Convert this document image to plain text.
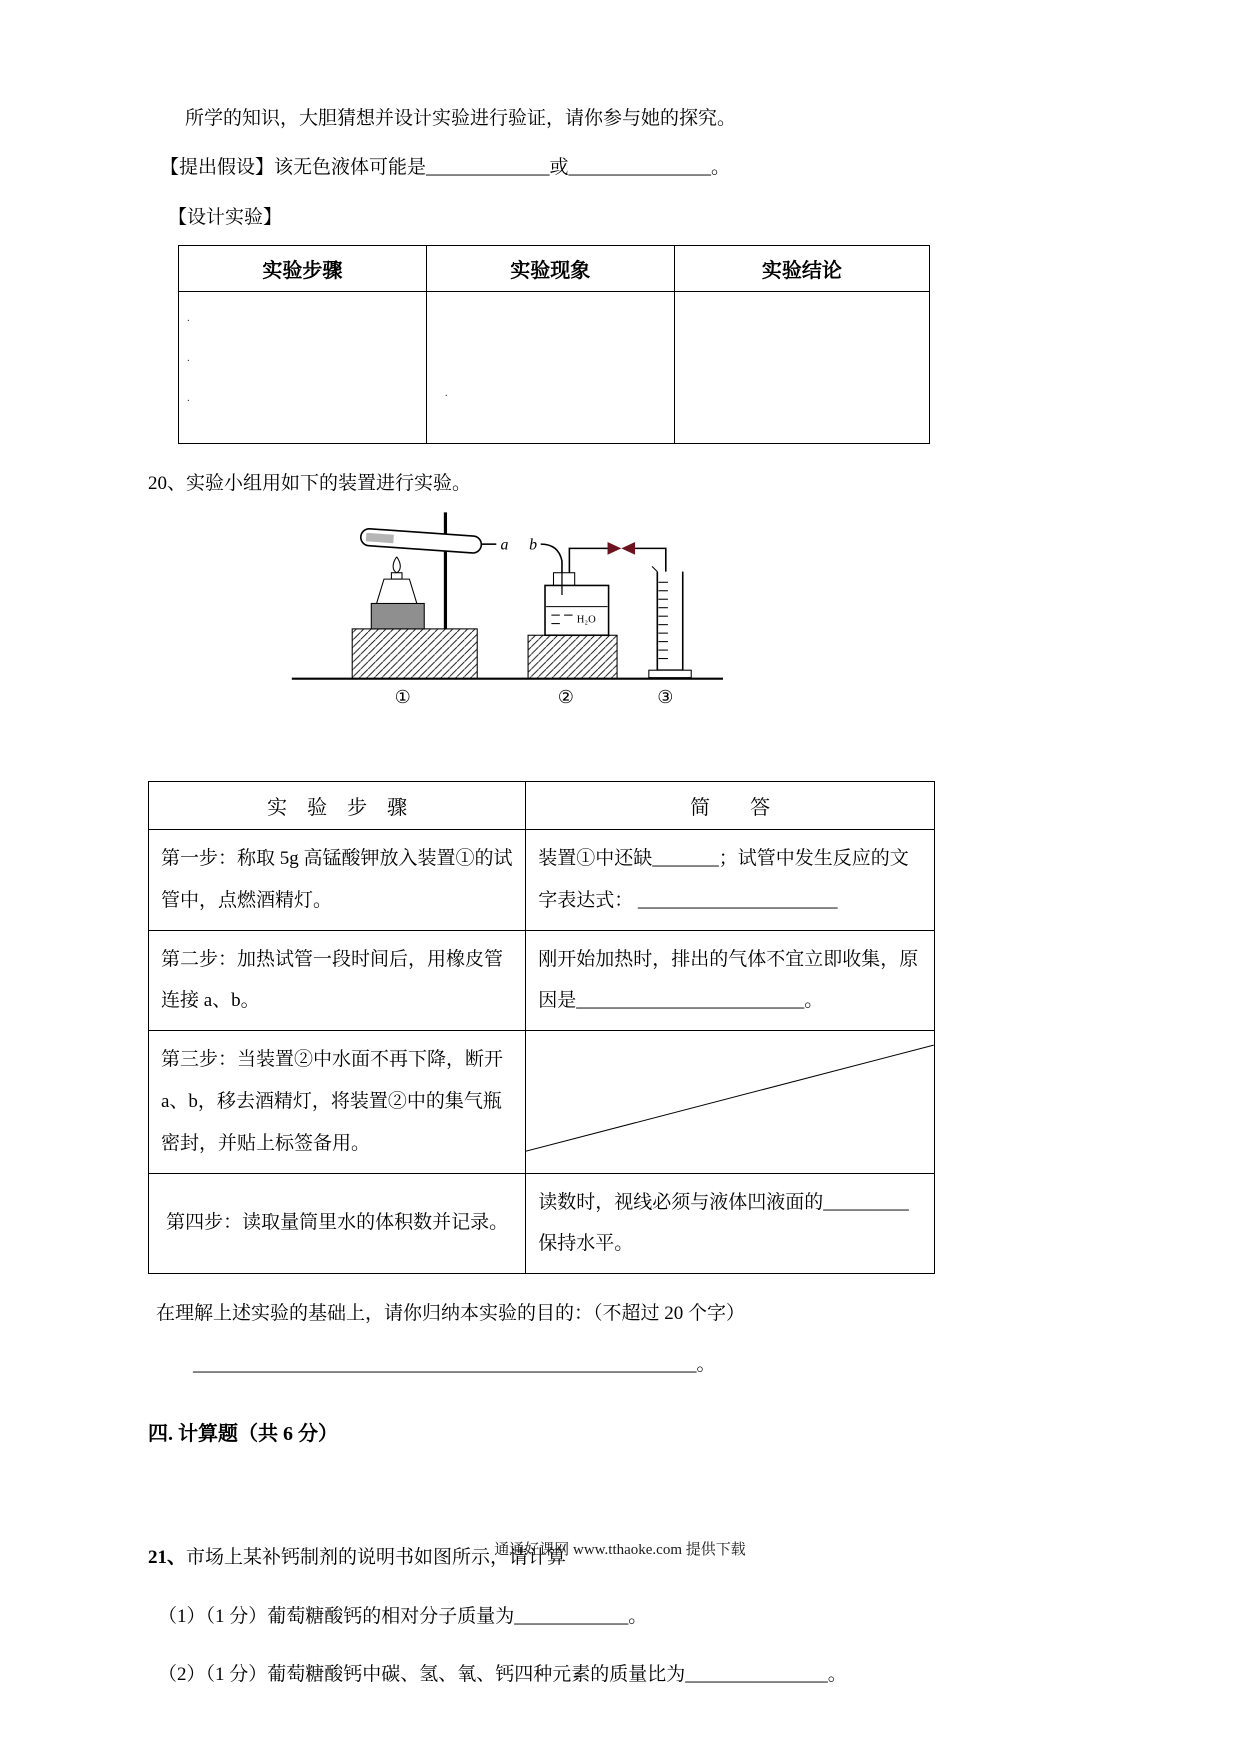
所学的知识，大胆猜想并设计实验进行验证，请你参与她的探究。

【提出假设】该无色液体可能是_____________或_______________。

【设计实验】

实验步骤	实验现象	实验结论

.
.
.	.	

20、实验小组用如下的装置进行实验。

a b
H₂O
①	②	③
实　验　步　骤	简　　答
第一步：称取 5g 高锰酸钾放入装置①的试管中，点燃酒精灯。	装置①中还缺_______；试管中发生反应的文字表达式： _____________________
第二步：加热试管一段时间后，用橡皮管连接 a、b。	刚开始加热时，排出的气体不宜立即收集，原因是________________________。
第三步：当装置②中水面不再下降，断开 a、b，移去酒精灯，将装置②中的集气瓶密封，并贴上标签备用。	

第四步：读取量筒里水的体积数并记录。	读数时，视线必须与液体凹液面的_________保持水平。

在理解上述实验的基础上，请你归纳本实验的目的：（不超过 20 个字）

_____________________________________________________。

四. 计算题（共 6 分）

21、市场上某补钙制剂的说明书如图所示，请计算

（1）（1 分）葡萄糖酸钙的相对分子质量为____________。

（2）（1 分）葡萄糖酸钙中碳、氢、氧、钙四种元素的质量比为_______________。

通通好课网 www.tthaoke.com 提供下载
